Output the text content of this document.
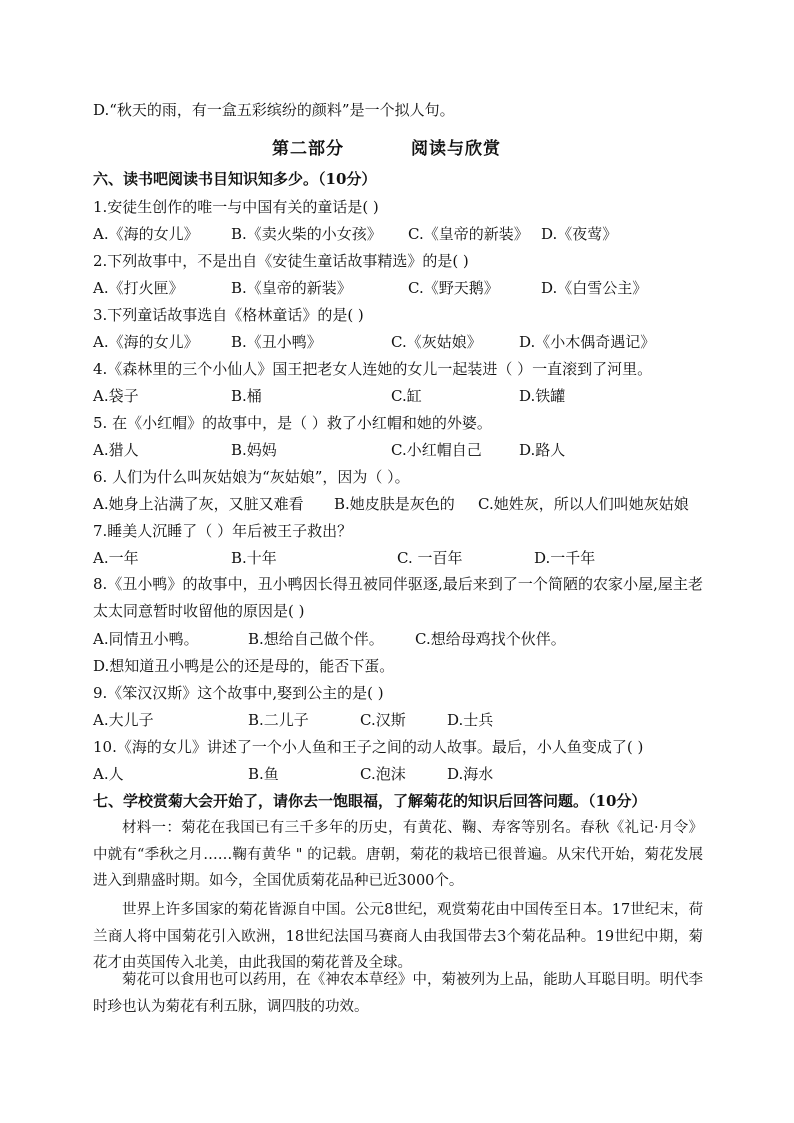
D.“秋天的雨，有一盒五彩缤纷的颜料”是一个拟人句。
第二部分	阅读与欣赏
六、读书吧阅读书目知识知多少。（10分）
1.安徒生创作的唯一与中国有关的童话是( )
A.《海的女儿》 B.《卖火柴的小女孩》 C.《皇帝的新装》 D.《夜莺》
2.下列故事中，不是出自《安徒生童话故事精选》的是( )
A.《打火匣》	B.《皇帝的新装》	C.《野天鹅》	D.《白雪公主》
3.下列童话故事选自《格林童话》的是( )
A.《海的女儿》 B.《丑小鸭》	C.《灰姑娘》 D.《小木偶奇遇记》
4.《森林里的三个小仙人》国王把老女人连她的女儿一起装进（ ）一直滚到了河里。
A.袋子	B.桶	C.缸	D.铁罐
5. 在《小红帽》的故事中，是（ ）救了小红帽和她的外婆。
A.猎人	B.妈妈	C.小红帽自己 D.路人
6. 人们为什么叫灰姑娘为“灰姑娘”，因为（ ）。
A.她身上沾满了灰，又脏又难看 B.她皮肤是灰色的 C.她姓灰，所以人们叫她灰姑娘
7.睡美人沉睡了（ ）年后被王子救出？
A.一年	B.十年	C. 一百年	D.一千年
8.《丑小鸭》的故事中，丑小鸭因长得丑被同伴驱逐,最后来到了一个简陋的农家小屋,屋主老太太同意暂时收留他的原因是( )
A.同情丑小鸭。	B.想给自己做个伴。 C.想给母鸡找个伙伴。
D.想知道丑小鸭是公的还是母的，能否下蛋。
9.《笨汉汉斯》这个故事中,娶到公主的是( )
A.大儿子	B.二儿子	C.汉斯	D.士兵
10.《海的女儿》讲述了一个小人鱼和王子之间的动人故事。最后，小人鱼变成了( )
A.人	B.鱼	C.泡沫	D.海水
七、学校赏菊大会开始了，请你去一饱眼福，了解菊花的知识后回答问题。（10分）
材料一：菊花在我国已有三千多年的历史，有黄花、鞠、寿客等别名。春秋《礼记·月令》中就有“季秋之月……鞠有黄华 " 的记载。唐朝，菊花的栽培已很普遍。从宋代开始，菊花发展进入到鼎盛时期。如今，全国优质菊花品种已近3000个。
世界上许多国家的菊花皆源自中国。公元8世纪，观赏菊花由中国传至日本。17世纪末，荷兰商人将中国菊花引入欧洲，18世纪法国马赛商人由我国带去3个菊花品种。19世纪中期，菊花才由英国传入北美，由此我国的菊花普及全球。
菊花可以食用也可以药用，在《神农本草经》中，菊被列为上品，能助人耳聪目明。明代李时珍也认为菊花有利五脉，调四肢的功效。
